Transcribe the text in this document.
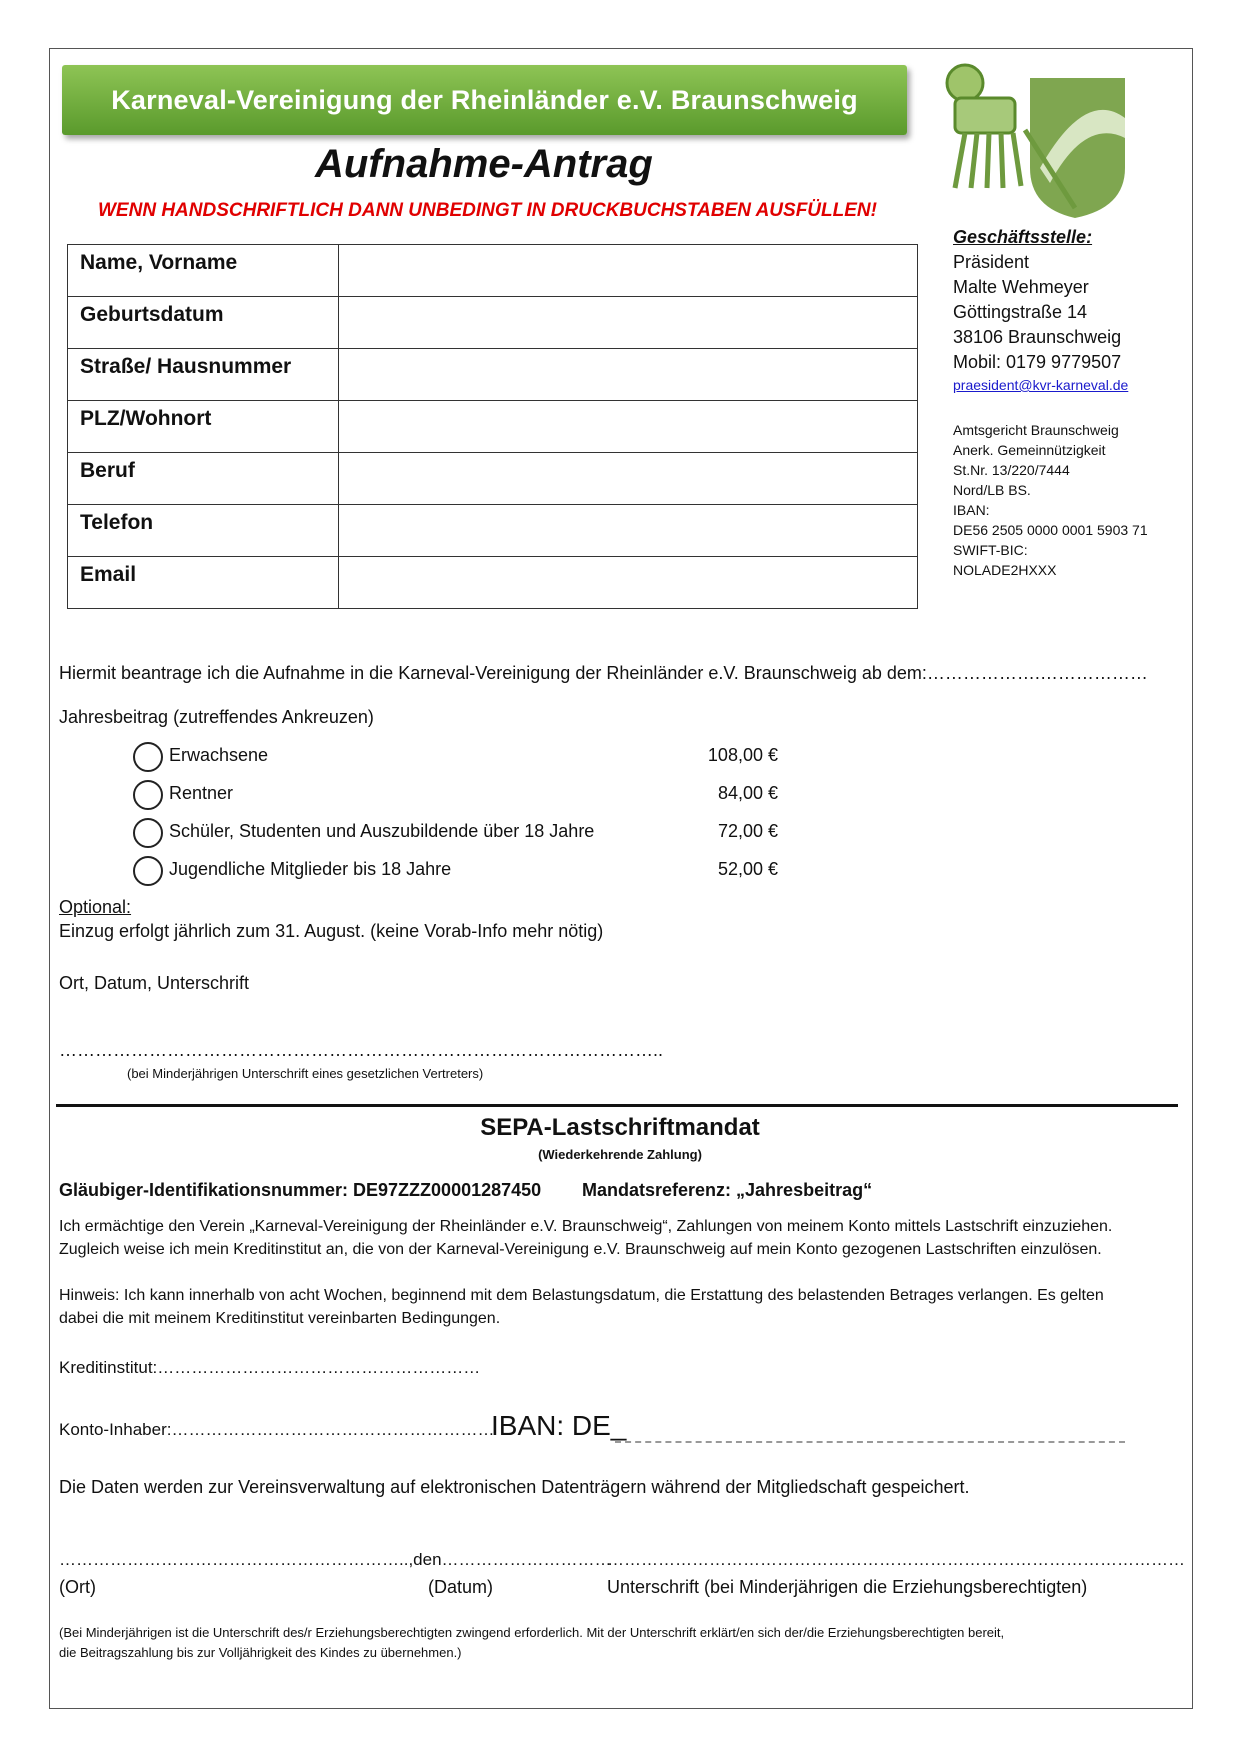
Karneval-Vereinigung der Rheinländer e.V. Braunschweig
Aufnahme-Antrag
WENN HANDSCHRIFTLICH DANN UNBEDINGT IN DRUCKBUCHSTABEN AUSFÜLLEN!
Name, Vorname	
Geburtsdatum	
Straße/ Hausnummer	
PLZ/Wohnort	
Beruf	
Telefon	
Email	
Geschäftsstelle:
Präsident
Malte Wehmeyer
Göttingstraße 14
38106 Braunschweig
Mobil: 0179 9779507
praesident@kvr-karneval.de
Amtsgericht Braunschweig
Anerk. Gemeinnützigkeit
St.Nr. 13/220/7444
Nord/LB BS.
IBAN:
DE56 2505 0000 0001 5903 71
SWIFT-BIC:
NOLADE2HXXX
Hiermit beantrage ich die Aufnahme in die Karneval-Vereinigung der Rheinländer e.V. Braunschweig ab dem:……………….………………
Jahresbeitrag (zutreffendes Ankreuzen)
Erwachsene	108,00 €
Rentner	84,00 €
Schüler, Studenten und Auszubildende über 18 Jahre	72,00 €
Jugendliche Mitglieder bis 18 Jahre	52,00 €
Optional:
Einzug erfolgt jährlich zum 31. August. (keine Vorab-Info mehr nötig)
Ort, Datum, Unterschrift
………………………………………………………………………………………..
(bei Minderjährigen Unterschrift eines gesetzlichen Vertreters)
SEPA-Lastschriftmandat
(Wiederkehrende Zahlung)
Gläubiger-Identifikationsnummer: DE97ZZZ00001287450 Mandatsreferenz: „Jahresbeitrag“
Ich ermächtige den Verein „Karneval-Vereinigung der Rheinländer e.V. Braunschweig“, Zahlungen von meinem Konto mittels Lastschrift einzuziehen.
Zugleich weise ich mein Kreditinstitut an, die von der Karneval-Vereinigung e.V. Braunschweig auf mein Konto gezogenen Lastschriften einzulösen.
Hinweis: Ich kann innerhalb von acht Wochen, beginnend mit dem Belastungsdatum, die Erstattung des belastenden Betrages verlangen. Es gelten
dabei die mit meinem Kreditinstitut vereinbarten Bedingungen.
Kreditinstitut:…………………………………………………
Konto-Inhaber:…………………………………………………
IBAN: DE_
Die Daten werden zur Vereinsverwaltung auf elektronischen Datenträgern während der Mitgliedschaft gespeichert.
……………………………………………………..,den…………………………
…………………………………………………………………………………………
(Ort)	(Datum)	Unterschrift (bei Minderjährigen die Erziehungsberechtigten)
(Bei Minderjährigen ist die Unterschrift des/r Erziehungsberechtigten zwingend erforderlich. Mit der Unterschrift erklärt/en sich der/die Erziehungsberechtigten bereit,
die Beitragszahlung bis zur Volljährigkeit des Kindes zu übernehmen.)
